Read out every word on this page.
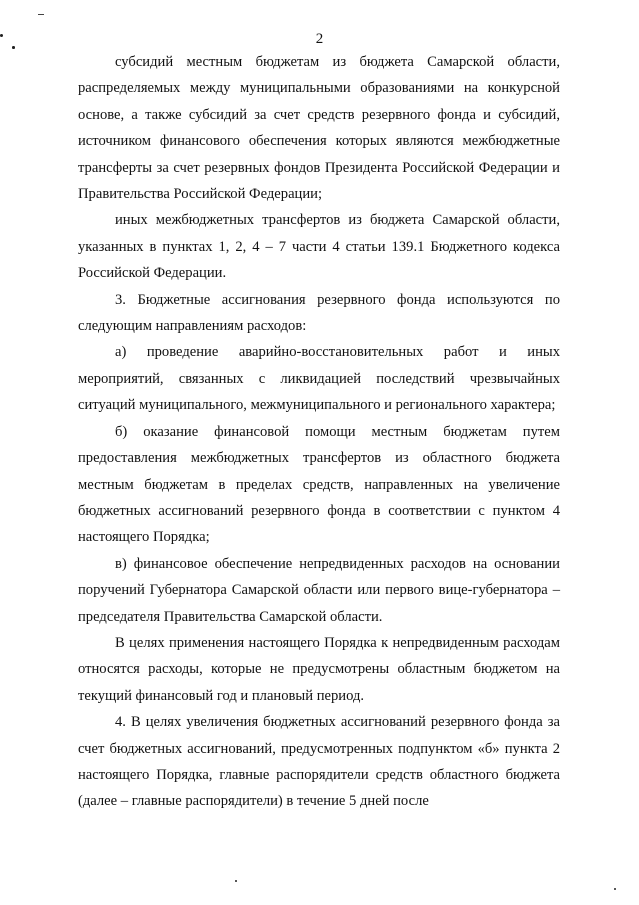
2

субсидий местным бюджетам из бюджета Самарской области, распределяемых между муниципальными образованиями на конкурсной основе, а также субсидий за счет средств резервного фонда и субсидий, источником финансового обеспечения которых являются межбюджетные трансферты за счет резервных фондов Президента Российской Федерации и Правительства Российской Федерации;

иных межбюджетных трансфертов из бюджета Самарской области, указанных в пунктах 1, 2, 4 – 7 части 4 статьи 139.1 Бюджетного кодекса Российской Федерации.

3. Бюджетные ассигнования резервного фонда используются по следующим направлениям расходов:

а) проведение аварийно-восстановительных работ и иных мероприятий, связанных с ликвидацией последствий чрезвычайных ситуаций муниципального, межмуниципального и регионального характера;

б) оказание финансовой помощи местным бюджетам путем предоставления межбюджетных трансфертов из областного бюджета местным бюджетам в пределах средств, направленных на увеличение бюджетных ассигнований резервного фонда в соответствии с пунктом 4 настоящего Порядка;

в) финансовое обеспечение непредвиденных расходов на основании поручений Губернатора Самарской области или первого вице-губернатора – председателя Правительства Самарской области.

В целях применения настоящего Порядка к непредвиденным расходам относятся расходы, которые не предусмотрены областным бюджетом на текущий финансовый год и плановый период.

4. В целях увеличения бюджетных ассигнований резервного фонда за счет бюджетных ассигнований, предусмотренных подпунктом «б» пункта 2 настоящего Порядка, главные распорядители средств областного бюджета (далее – главные распорядители) в течение 5 дней после
